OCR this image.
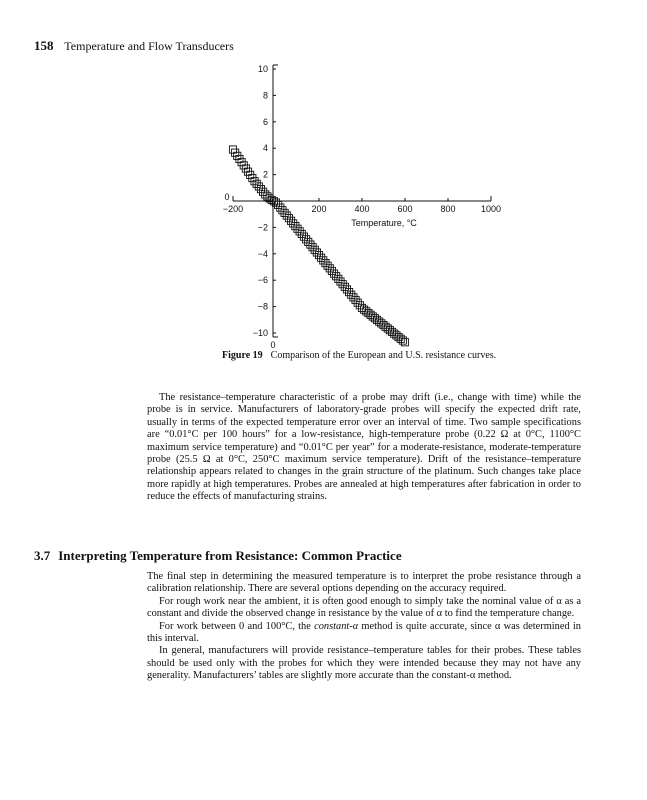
158 Temperature and Flow Transducers
−200	200	400	600	800	1000
0
10
8
6
4
2
−2
−4
−6
−8
−10
0
Temperature, °C
Figure 19 Comparison of the European and U.S. resistance curves.

The resistance–temperature characteristic of a probe may drift (i.e., change with time) while the probe is in service. Manufacturers of laboratory-grade probes will specify the expected drift rate, usually in terms of the expected temperature error over an interval of time. Two sample specifications are “0.01°C per 100 hours” for a low-resistance, high-temperature probe (0.22 Ω at 0°C, 1100°C maximum service temperature) and “0.01°C per year” for a moderate-resistance, moderate-temperature probe (25.5 Ω at 0°C, 250°C maximum service temperature). Drift of the resistance–temperature relationship appears related to changes in the grain structure of the platinum. Such changes take place more rapidly at high temperatures. Probes are annealed at high temperatures after fabrication in order to reduce the effects of manufacturing strains.

3.7 Interpreting Temperature from Resistance: Common Practice

The final step in determining the measured temperature is to interpret the probe resistance through a calibration relationship. There are several options depending on the accuracy required.

For rough work near the ambient, it is often good enough to simply take the nominal value of α as a constant and divide the observed change in resistance by the value of α to find the temperature change.

For work between 0 and 100°C, the constant-α method is quite accurate, since α was determined in this interval.

In general, manufacturers will provide resistance–temperature tables for their probes. These tables should be used only with the probes for which they were intended because they may not have any generality. Manufacturers’ tables are slightly more accurate than the constant-α method.
